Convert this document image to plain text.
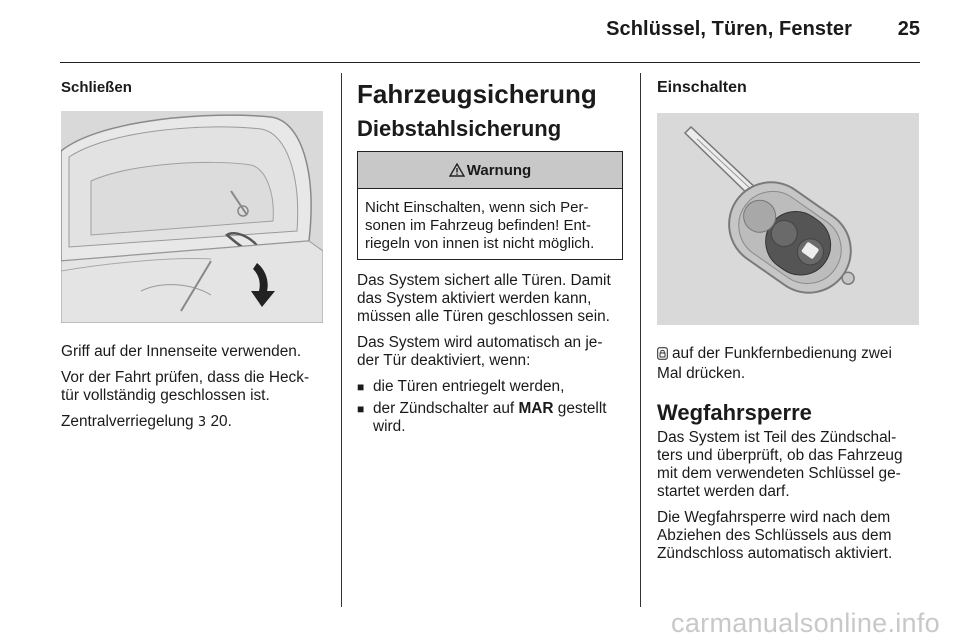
Schlüssel, Türen, Fenster	25
Schließen

Griff auf der Innenseite verwenden.

Vor der Fahrt prüfen, dass die Heck-
tür vollständig geschlossen ist.

Zentralverriegelung 3 20.

Fahrzeugsicherung
Diebstahlsicherung
Warnung
Nicht Einschalten, wenn sich Per-
sonen im Fahrzeug befinden! Ent-
riegeln von innen ist nicht möglich.

Das System sichert alle Türen. Damit
das System aktiviert werden kann,
müssen alle Türen geschlossen sein.

Das System wird automatisch an je-
der Tür deaktiviert, wenn:

■ die Türen entriegelt werden,
■ der Zündschalter auf MAR gestellt
wird.
Einschalten

auf der Funkfernbedienung zwei
Mal drücken.

Wegfahrsperre

Das System ist Teil des Zündschal-
ters und überprüft, ob das Fahrzeug
mit dem verwendeten Schlüssel ge-
startet werden darf.

Die Wegfahrsperre wird nach dem
Abziehen des Schlüssels aus dem
Zündschloss automatisch aktiviert.

carmanualsonline.info
